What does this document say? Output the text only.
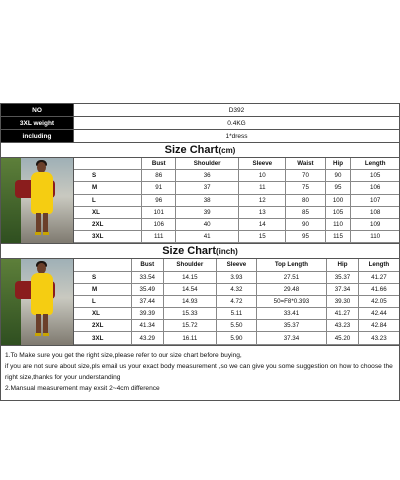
NO	D392
3XL weight	0.4KG
including	1*dress
Size Chart(cm)
	Bust	Shoulder	Sleeve	Waist	Hip	Length
S	86	36	10	70	90	105
M	91	37	11	75	95	106
L	96	38	12	80	100	107
XL	101	39	13	85	105	108
2XL	106	40	14	90	110	109
3XL	111	41	15	95	115	110
Size Chart(inch)
	Bust	Shoulder	Sleeve	Top Length	Hip	Length
S	33.54	14.15	3.93	27.51	35.37	41.27
M	35.49	14.54	4.32	29.48	37.34	41.66
L	37.44	14.93	4.72	50=F8*0.393	39.30	42.05
XL	39.39	15.33	5.11	33.41	41.27	42.44
2XL	41.34	15.72	5.50	35.37	43.23	42.84
3XL	43.29	16.11	5.90	37.34	45.20	43.23

1.To Make sure you get the right size,please refer to our size chart before buying,

if you are not sure about size,pls email us your exact body measurement ,so we can give you some suggestion on how to choose the right size,thanks for your understanding

2.Mansual measurement may exsit 2~4cm difference
